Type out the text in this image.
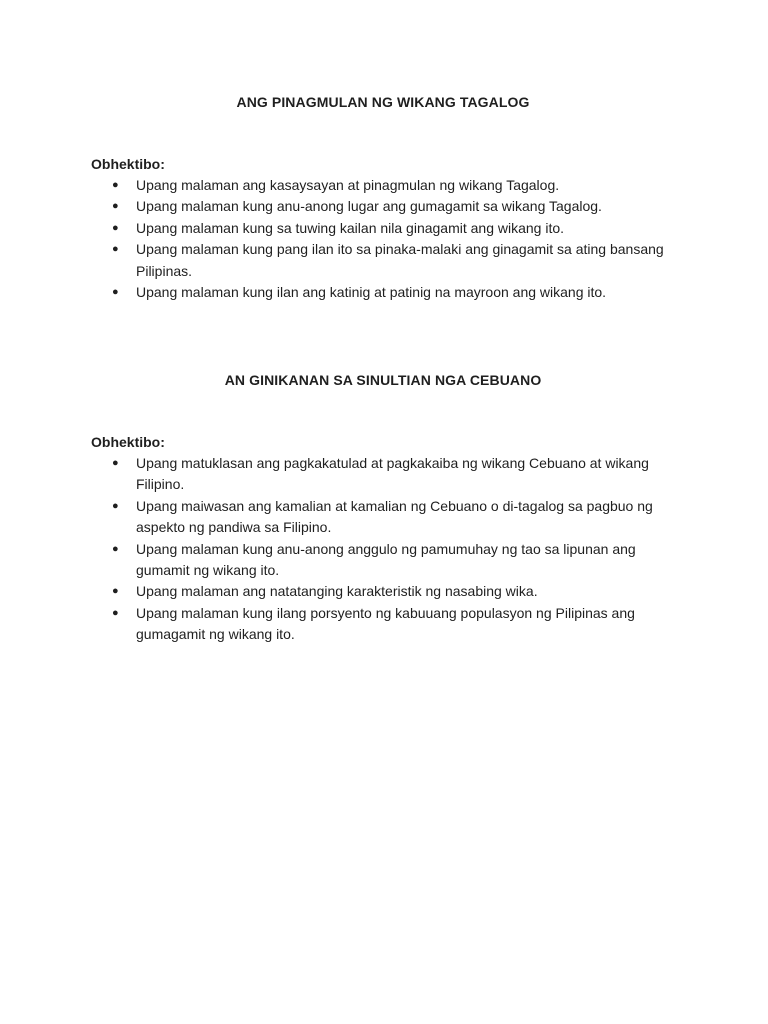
ANG PINAGMULAN NG WIKANG TAGALOG
Obhektibo:
● Upang malaman ang kasaysayan at pinagmulan ng wikang Tagalog.
● Upang malaman kung anu-anong lugar ang gumagamit sa wikang Tagalog.
● Upang malaman kung sa tuwing kailan nila ginagamit ang wikang ito.
● Upang malaman kung pang ilan ito sa pinaka-malaki ang ginagamit sa ating bansang Pilipinas.
● Upang malaman kung ilan ang katinig at patinig na mayroon ang wikang ito.
AN GINIKANAN SA SINULTIAN NGA CEBUANO
Obhektibo:
● Upang matuklasan ang pagkakatulad at pagkakaiba ng wikang Cebuano at wikang Filipino.
● Upang maiwasan ang kamalian at kamalian ng Cebuano o di-tagalog sa pagbuo ng aspekto ng pandiwa sa Filipino.
● Upang malaman kung anu-anong anggulo ng pamumuhay ng tao sa lipunan ang gumamit ng wikang ito.
● Upang malaman ang natatanging karakteristik ng nasabing wika.
● Upang malaman kung ilang porsyento ng kabuuang populasyon ng Pilipinas ang gumagamit ng wikang ito.
